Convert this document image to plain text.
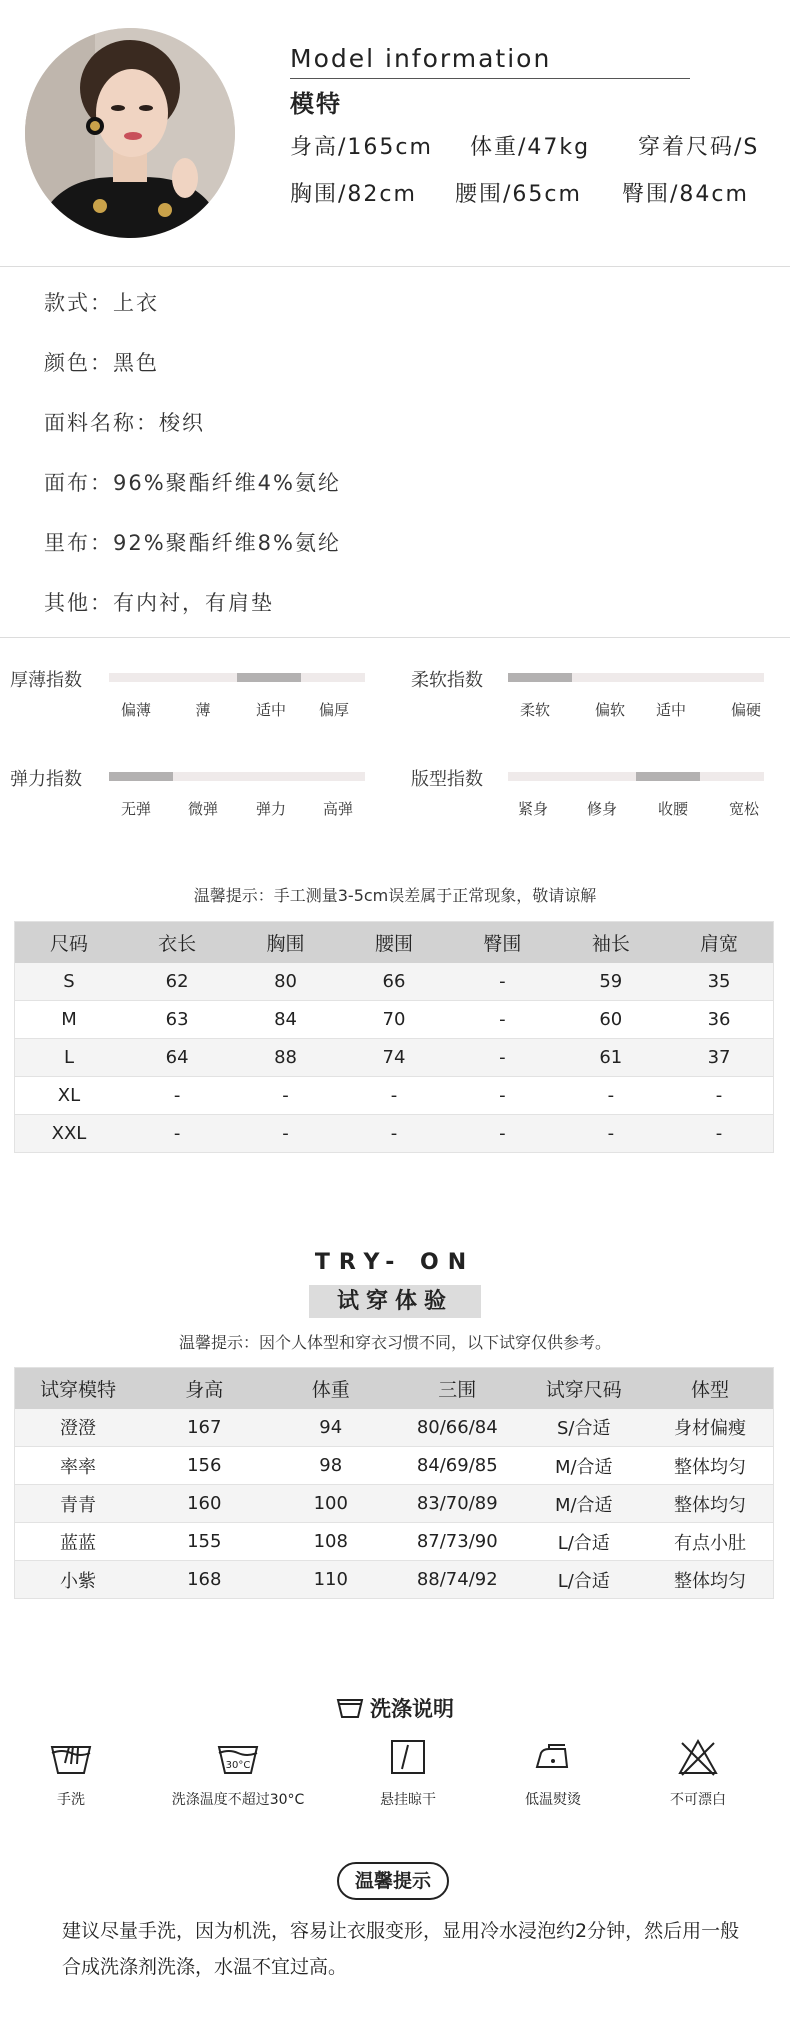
Model information
模特
身高/165cm 体重/47kg 穿着尺码/S
胸围/82cm 腰围/65cm 臀围/84cm
款式：上衣
颜色：黑色
面料名称：梭织
面布：96%聚酯纤维4%氨纶
里布：92%聚酯纤维8%氨纶
其他：有内衬，有肩垫
厚薄指数
偏薄	薄	适中 偏厚
柔软指数
柔软	偏软 适中	偏硬
弹力指数
无弹 微弹	弹力 高弹
版型指数
紧身	修身	收腰	宽松
温馨提示：手工测量3-5cm误差属于正常现象，敬请谅解
尺码	衣长	胸围	腰围	臀围	袖长	肩宽
S	62	80	66	-	59	35
M	63	84	70	-	60	36
L	64	88	74	-	61	37
XL	-	-	-	-	-	-
XXL	-	-	-	-	-	-
TRY- ON
试穿体验
温馨提示：因个人体型和穿衣习惯不同，以下试穿仅供参考。
试穿模特	身高	体重	三围	试穿尺码	体型
澄澄	167	94	80/66/84	S/合适	身材偏瘦
率率	156	98	84/69/85	M/合适	整体均匀
青青	160	100	83/70/89	M/合适	整体均匀
蓝蓝	155	108	87/73/90	L/合适	有点小肚
小紫	168	110	88/74/92	L/合适	整体均匀
洗涤说明
手洗
30°C
洗涤温度不超过30°C	悬挂晾干	低温熨烫	不可漂白
温馨提示
建议尽量手洗，因为机洗，容易让衣服变形，显用冷水浸泡约2分钟，然后用一般合成洗涤剂洗涤，水温不宜过高。
